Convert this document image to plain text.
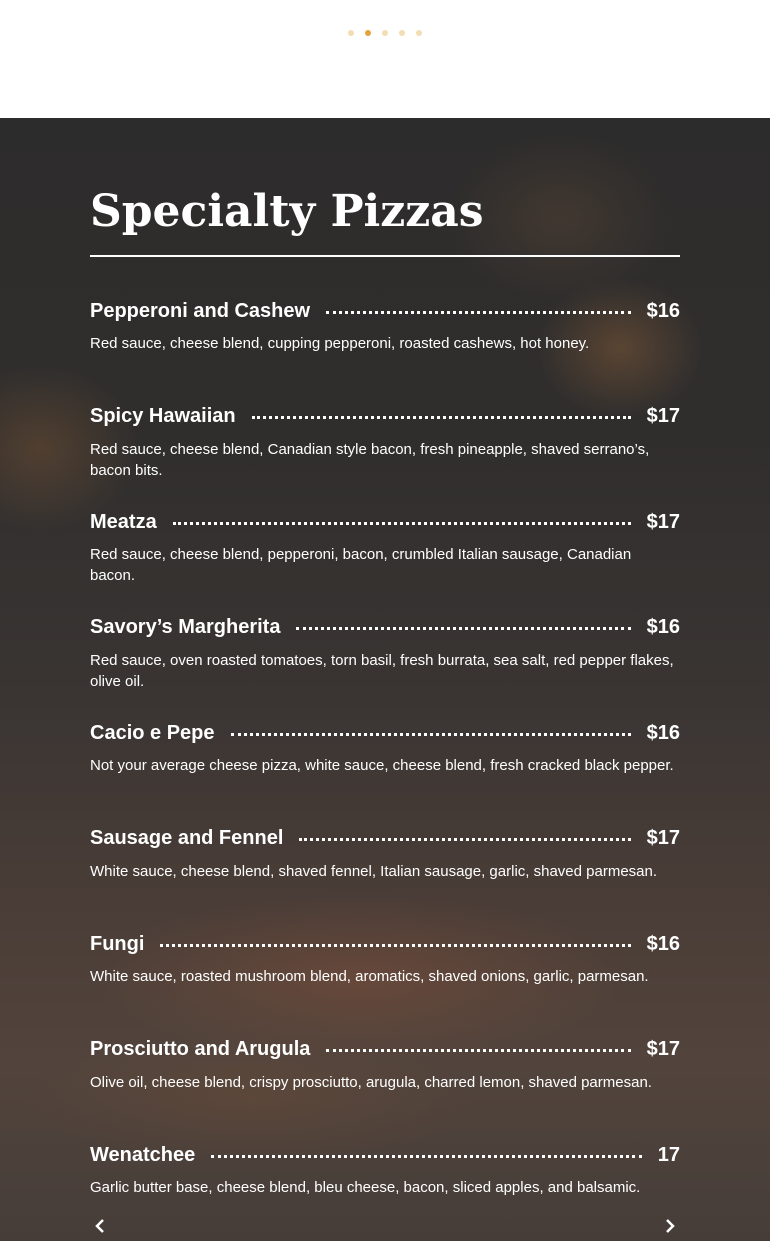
Specialty Pizzas
Pepperoni and Cashew	$16
Red sauce, cheese blend, cupping pepperoni, roasted cashews, hot honey.
Spicy Hawaiian	$17
Red sauce, cheese blend, Canadian style bacon, fresh pineapple, shaved serrano’s, bacon bits.
Meatza	$17
Red sauce, cheese blend, pepperoni, bacon, crumbled Italian sausage, Canadian bacon.
Savory’s Margherita	$16
Red sauce, oven roasted tomatoes, torn basil, fresh burrata, sea salt, red pepper flakes, olive oil.
Cacio e Pepe	$16
Not your average cheese pizza, white sauce, cheese blend, fresh cracked black pepper.
Sausage and Fennel	$17
White sauce, cheese blend, shaved fennel, Italian sausage, garlic, shaved parmesan.
Fungi	$16
White sauce, roasted mushroom blend, aromatics, shaved onions, garlic, parmesan.
Prosciutto and Arugula	$17
Olive oil, cheese blend, crispy prosciutto, arugula, charred lemon, shaved parmesan.
Wenatchee	17
Garlic butter base, cheese blend, bleu cheese, bacon, sliced apples, and balsamic.
